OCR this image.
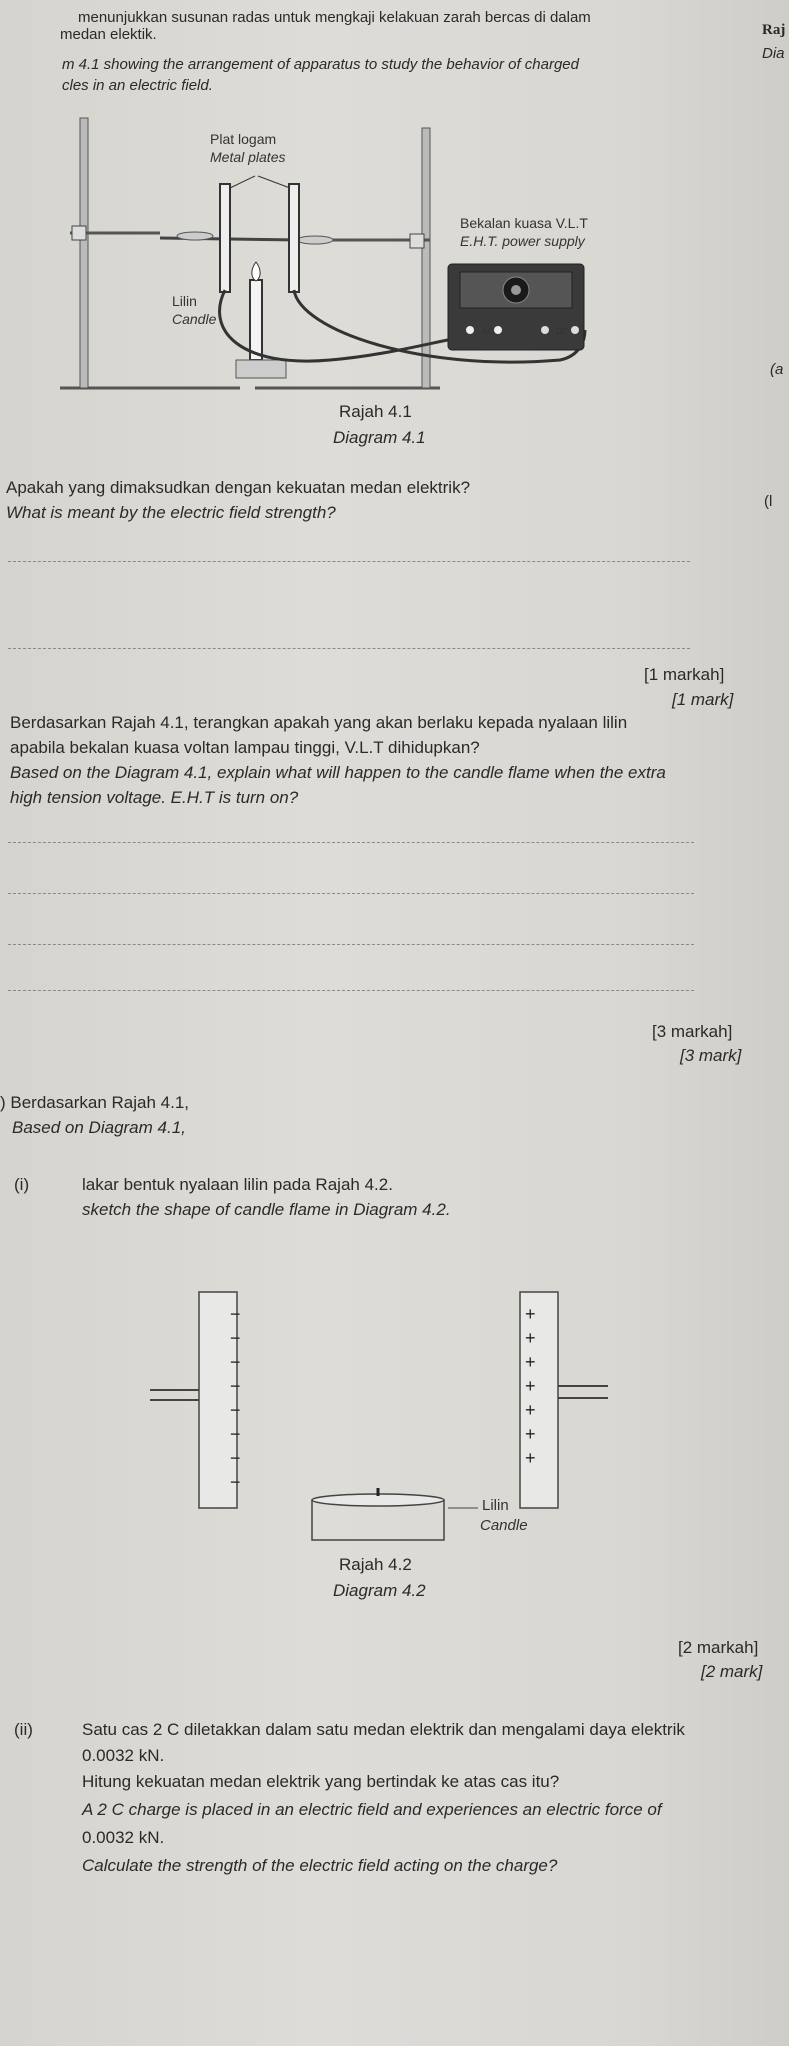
menunjukkan susunan radas untuk mengkaji kelakuan zarah bercas di dalam
medan elektik.
m 4.1 showing the arrangement of apparatus to study the behavior of charged
cles in an electric field.
Raj
Dia
(a
(l
AC	DC
Plat logam
Metal plates
Bekalan kuasa V.L.T
E.H.T. power supply
Lilin
Candle
Rajah 4.1
Diagram 4.1
Apakah yang dimaksudkan dengan kekuatan medan elektrik?
What is meant by the electric field strength?
[1 markah]
[1 mark]
Berdasarkan Rajah 4.1, terangkan apakah yang akan berlaku kepada nyalaan lilin
apabila bekalan kuasa voltan lampau tinggi, V.L.T dihidupkan?
Based on the Diagram 4.1, explain what will happen to the candle flame when the extra
high tension voltage. E.H.T is turn on?
[3 markah]
[3 mark]
) Berdasarkan Rajah 4.1,
Based on Diagram 4.1,
(i)	lakar bentuk nyalaan lilin pada Rajah 4.2.
sketch the shape of candle flame in Diagram 4.2.
−
−
−
−
−
−
−
−
+
+
+
+
+
+
+
Lilin
Candle
Rajah 4.2
Diagram 4.2
[2 markah]
[2 mark]
(ii)	Satu cas 2 C diletakkan dalam satu medan elektrik dan mengalami daya elektrik
0.0032 kN.
Hitung kekuatan medan elektrik yang bertindak ke atas cas itu?
A 2 C charge is placed in an electric field and experiences an electric force of
0.0032 kN.
Calculate the strength of the electric field acting on the charge?
